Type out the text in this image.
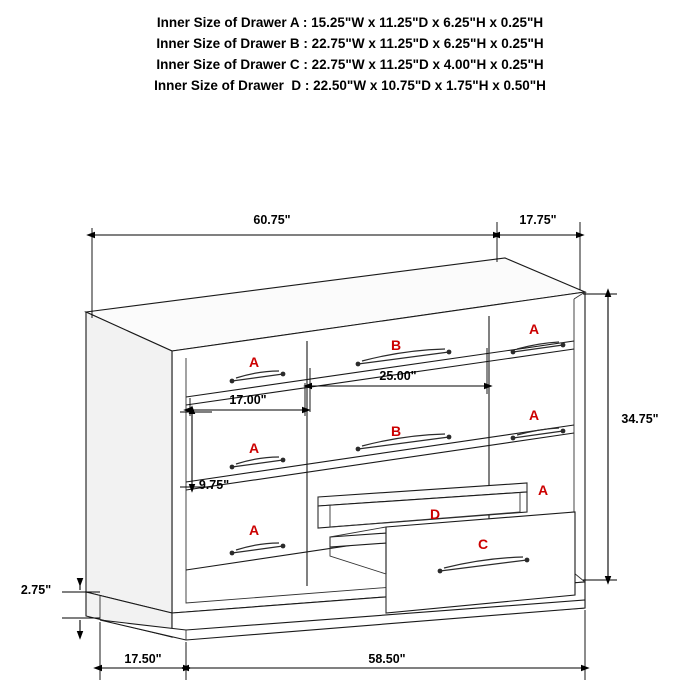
Inner Size of Drawer A : 15.25"W x 11.25"D x 6.25"H x 0.25"H
Inner Size of Drawer B : 22.75"W x 11.25"D x 6.25"H x 0.25"H
Inner Size of Drawer C : 22.75"W x 11.25"D x 4.00"H x 0.25"H
Inner Size of Drawer  D : 22.50"W x 10.75"D x 1.75"H x 0.50"H
A
B
A
A
B
A
A
A
D
C
60.75"	17.75"
34.75"
17.00"
25.00"
9.75"
2.75"
17.50"	58.50"
